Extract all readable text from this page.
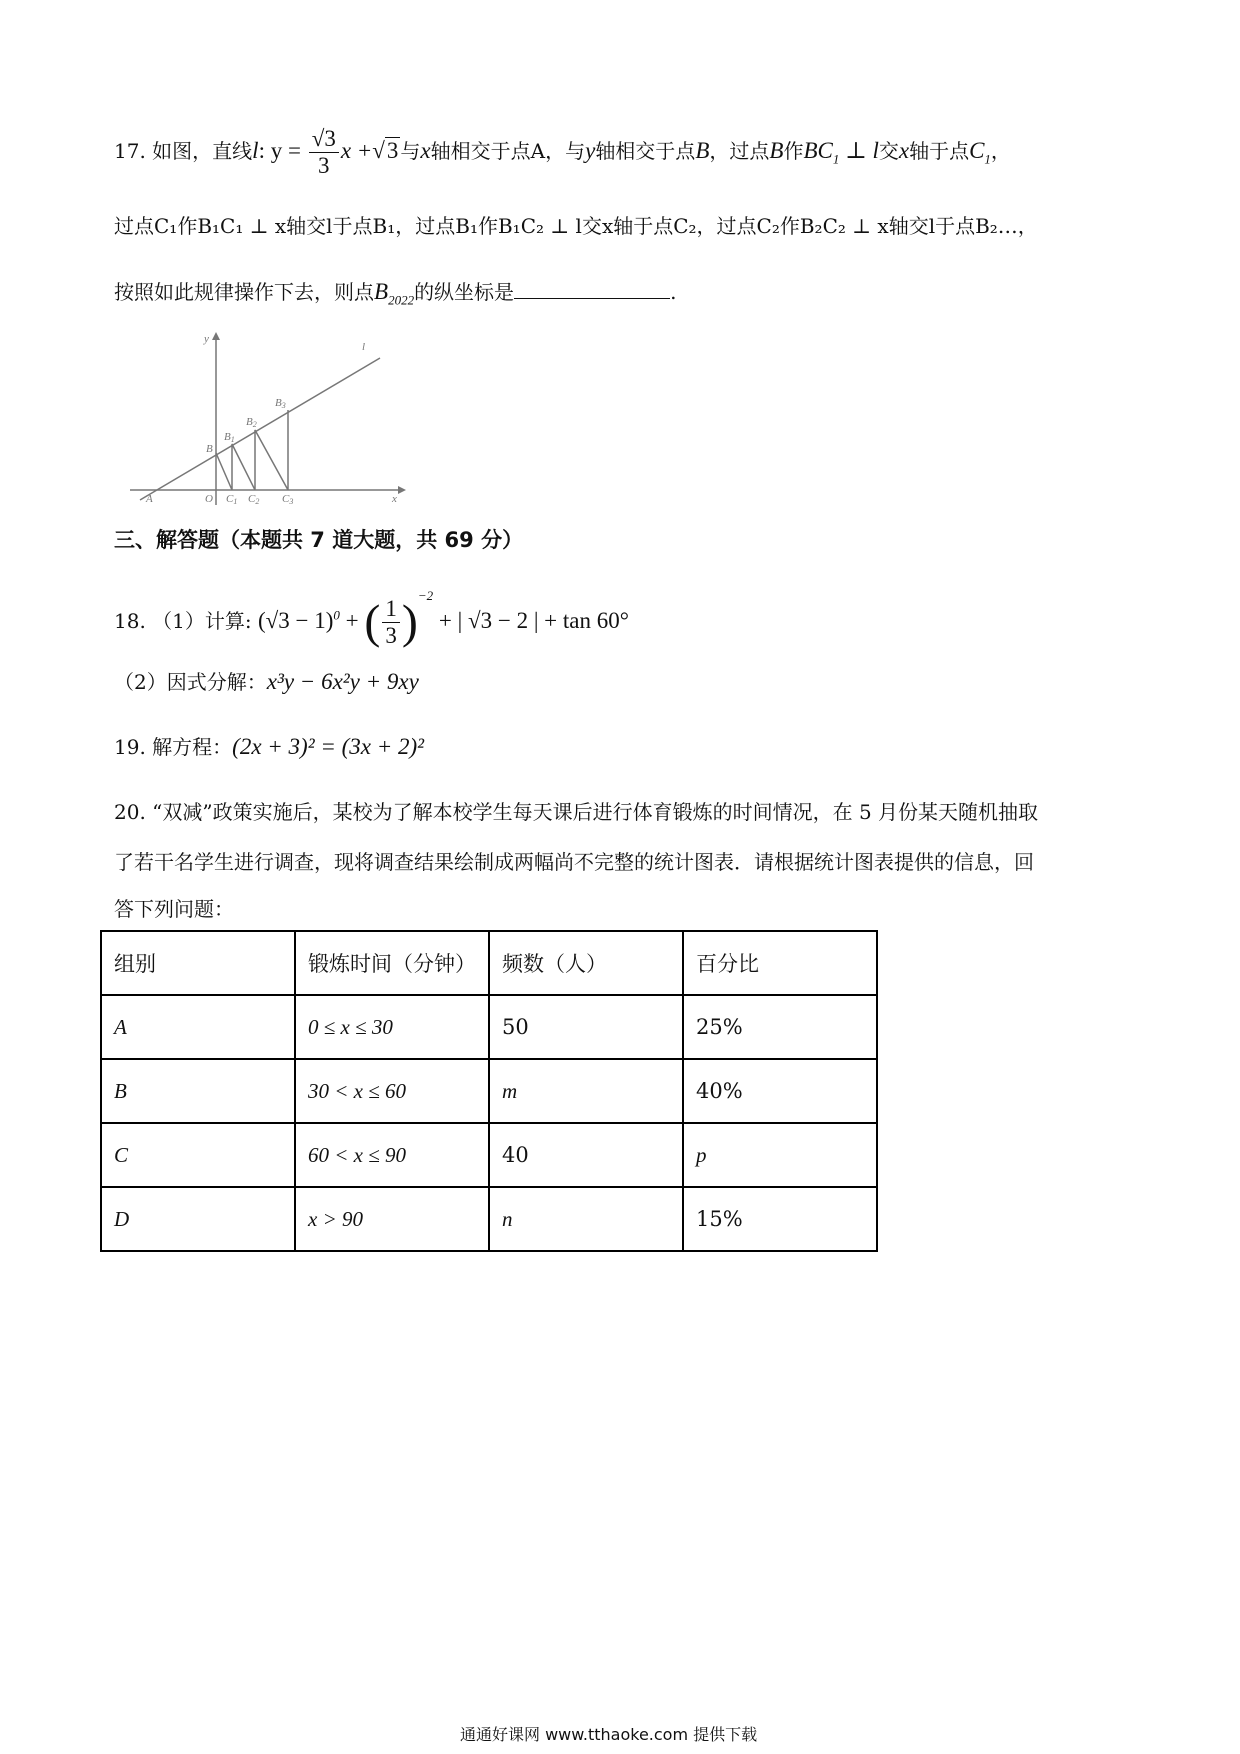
17. 如图，直线l: $y = \frac{√3}{3}$ x +√3 与x轴相交于点A，与y轴相交于点B，过点B作$BC_1$ ⊥ l交x轴于点$C_1$，
过点C₁作B₁C₁ ⊥ x轴交l于点B₁，过点B₁作B₁C₂ ⊥ l交x轴于点C₂，过点C₂作B₂C₂ ⊥ x轴交l于点B₂…，
按照如此规律操作下去，则点$B_{2022}$的纵坐标是	.
y
l
B3
B2
B1
B
A	O C1 C2 C3	x
三、解答题（本题共 7 道大题，共 69 分）
18. （1）计算: $(√3 - 1)^0$ + ( $\frac{1}{3} )^{-2}$ + | √3 − 2 | + tan 60°
（2）因式分解：x³y − 6x²y + 9xy
19. 解方程：(2x + 3)² = (3x + 2)²
20. “双减”政策实施后，某校为了解本校学生每天课后进行体育锻炼的时间情况，在 5 月份某天随机抽取
了若干名学生进行调查，现将调查结果绘制成两幅尚不完整的统计图表．请根据统计图表提供的信息，回
答下列问题：
组别	锻炼时间（分钟）	频数（人）	百分比
A	0 ≤ x ≤ 30	50	25%
B	30 < x ≤ 60	m	40%
C	60 < x ≤ 90	40	p
D	x > 90	n	15%
通通好课网 www.tthaoke.com 提供下载
